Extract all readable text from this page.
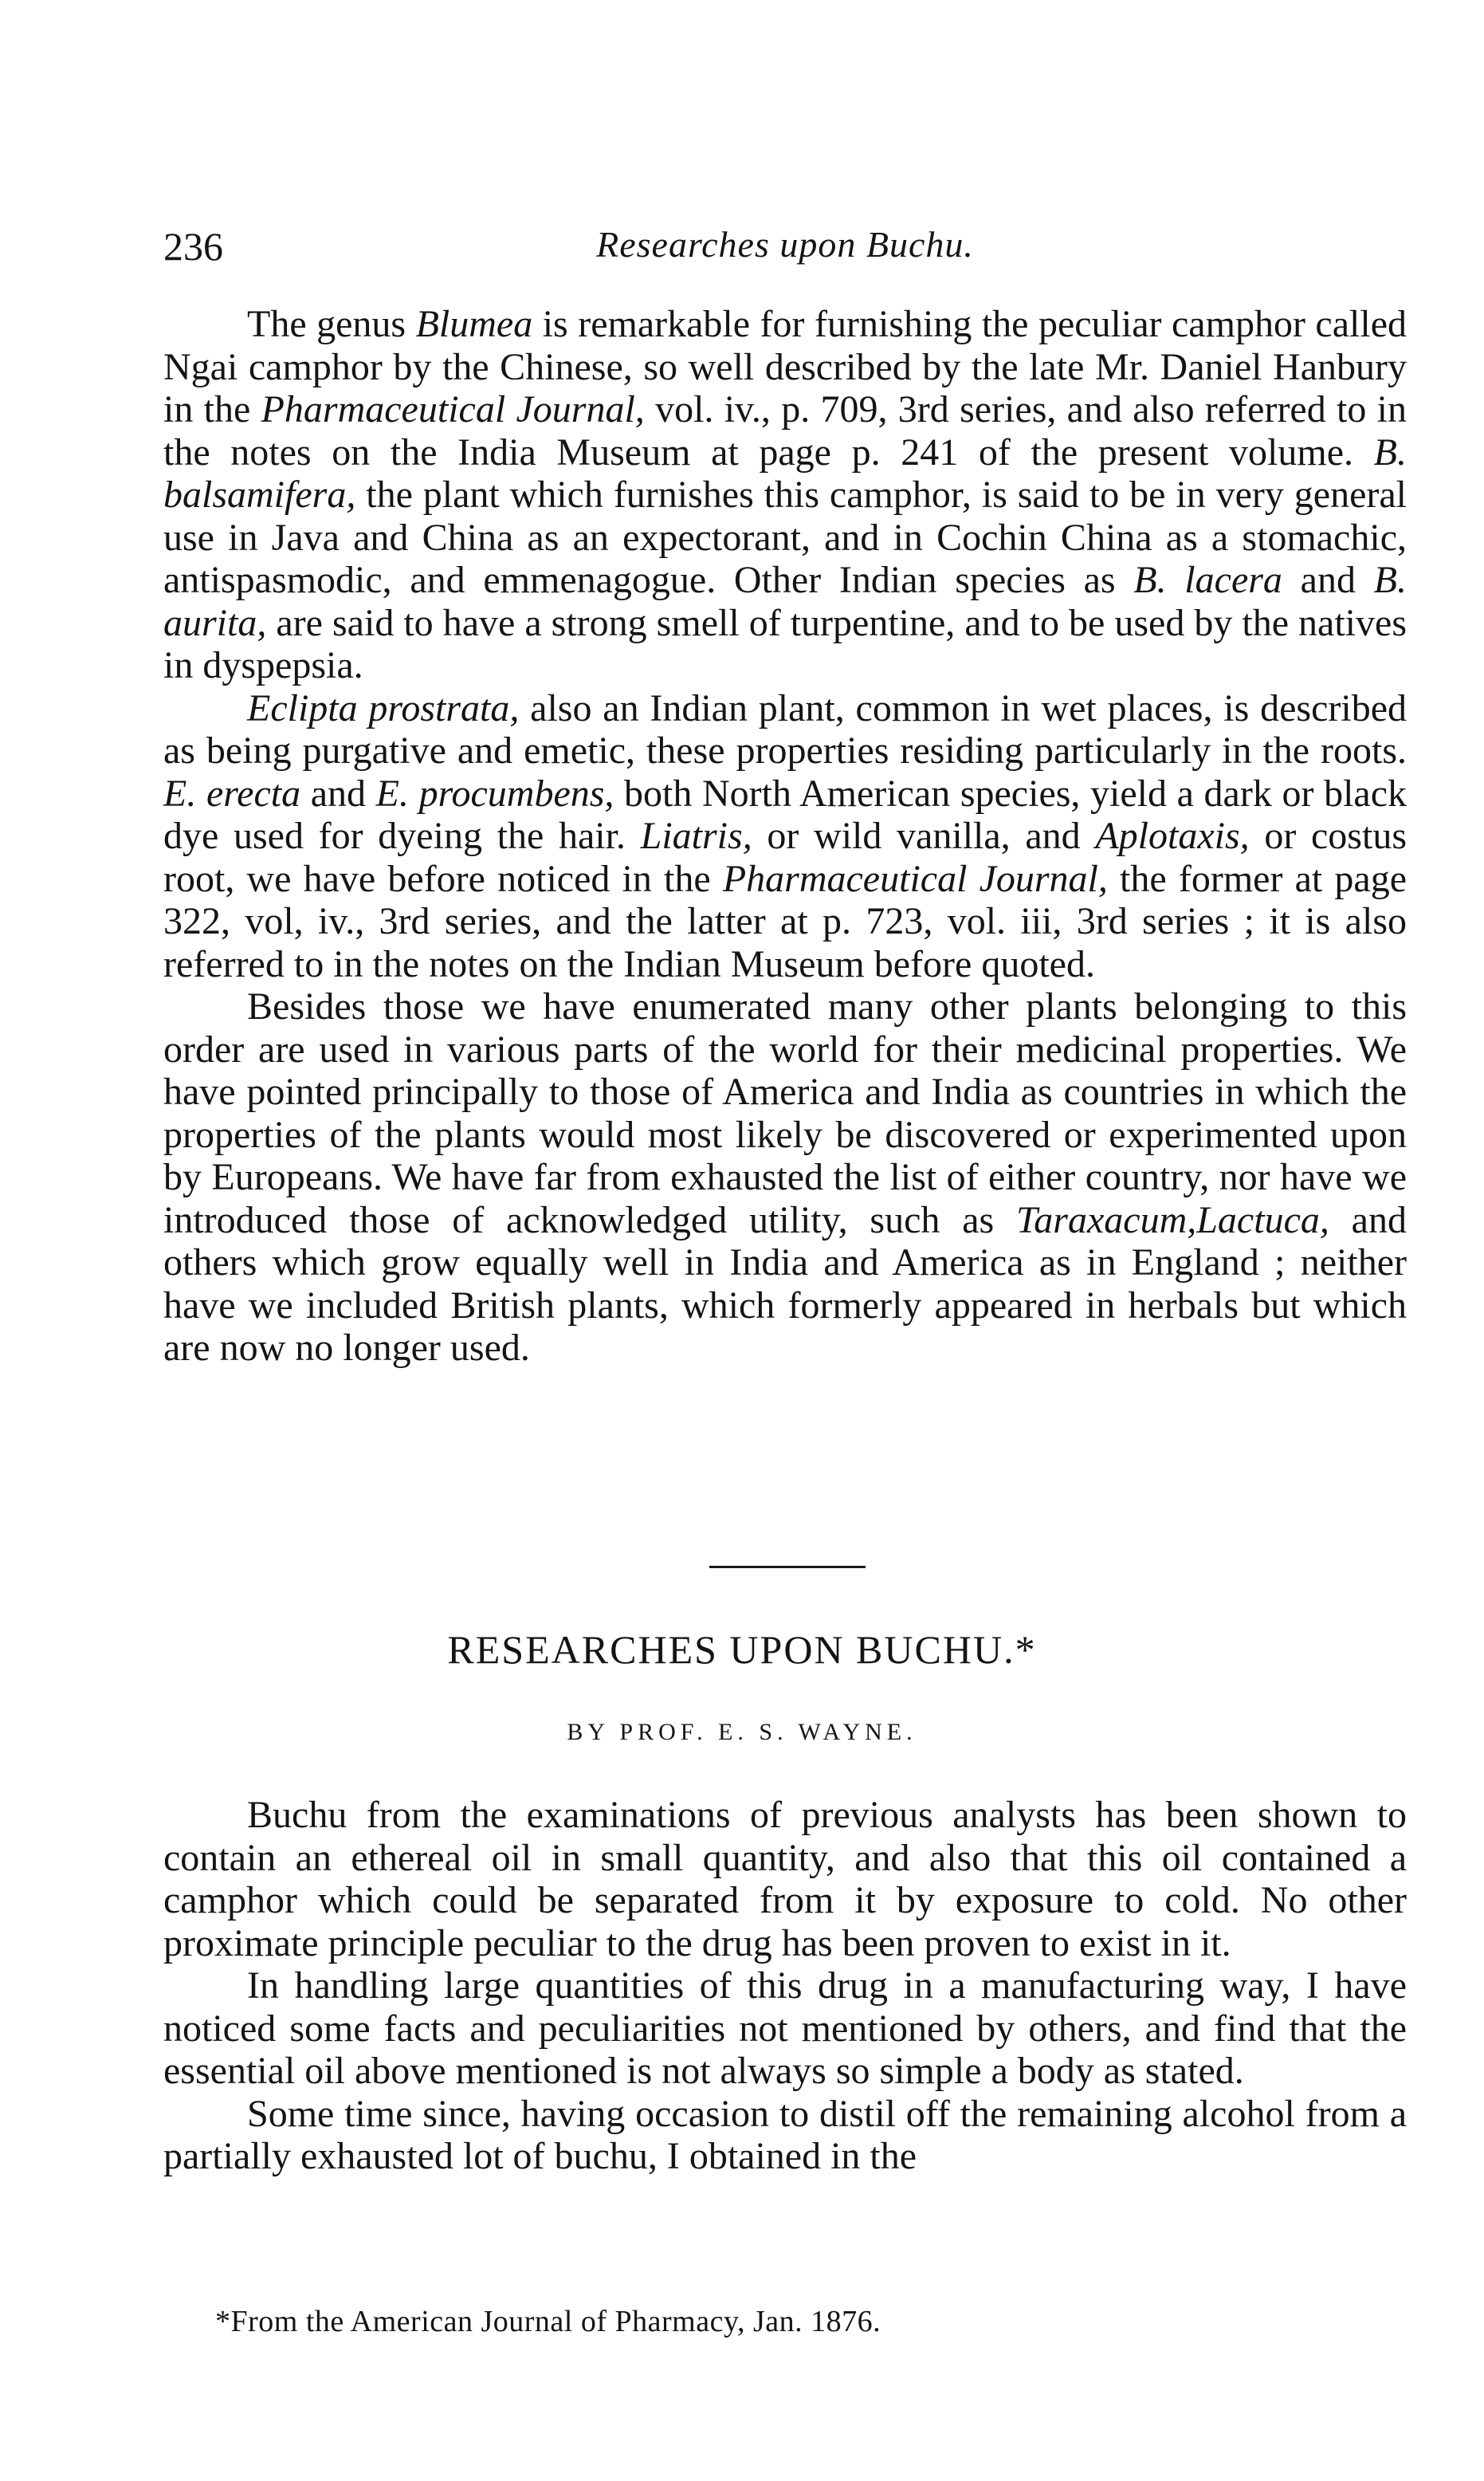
236	Researches upon Buchu.

The genus Blumea is remarkable for furnishing the peculiar camphor called Ngai camphor by the Chinese, so well described by the late Mr. Daniel Hanbury in the Pharmaceutical Journal, vol. iv., p. 709, 3rd series, and also referred to in the notes on the India Museum at page p. 241 of the present volume. B. balsamifera, the plant which furnishes this camphor, is said to be in very general use in Java and China as an expectorant, and in Cochin China as a stomachic, antispasmodic, and emmenagogue. Other Indian species as B. lacera and B. aurita, are said to have a strong smell of turpentine, and to be used by the natives in dyspepsia.

Eclipta prostrata, also an Indian plant, common in wet places, is described as being purgative and emetic, these properties residing particularly in the roots. E. erecta and E. procumbens, both North American species, yield a dark or black dye used for dyeing the hair. Liatris, or wild vanilla, and Aplotaxis, or costus root, we have before noticed in the Pharmaceutical Journal, the former at page 322, vol, iv., 3rd series, and the latter at p. 723, vol. iii, 3rd series ; it is also referred to in the notes on the Indian Museum before quoted.

Besides those we have enumerated many other plants belonging to this order are used in various parts of the world for their medicinal properties. We have pointed principally to those of America and India as countries in which the properties of the plants would most likely be discovered or experimented upon by Europeans. We have far from exhausted the list of either country, nor have we introduced those of acknowledged utility, such as Taraxacum,Lactuca, and others which grow equally well in India and America as in England ; neither have we included British plants, which formerly appeared in herbals but which are now no longer used.

RESEARCHES UPON BUCHU.*
BY PROF. E. S. WAYNE.

Buchu from the examinations of previous analysts has been shown to contain an ethereal oil in small quantity, and also that this oil contained a camphor which could be separated from it by exposure to cold. No other proximate principle peculiar to the drug has been proven to exist in it.

In handling large quantities of this drug in a manufacturing way, I have noticed some facts and peculiarities not mentioned by others, and find that the essential oil above mentioned is not always so simple a body as stated.

Some time since, having occasion to distil off the remaining alcohol from a partially exhausted lot of buchu, I obtained in the

*From the American Journal of Pharmacy, Jan. 1876.
